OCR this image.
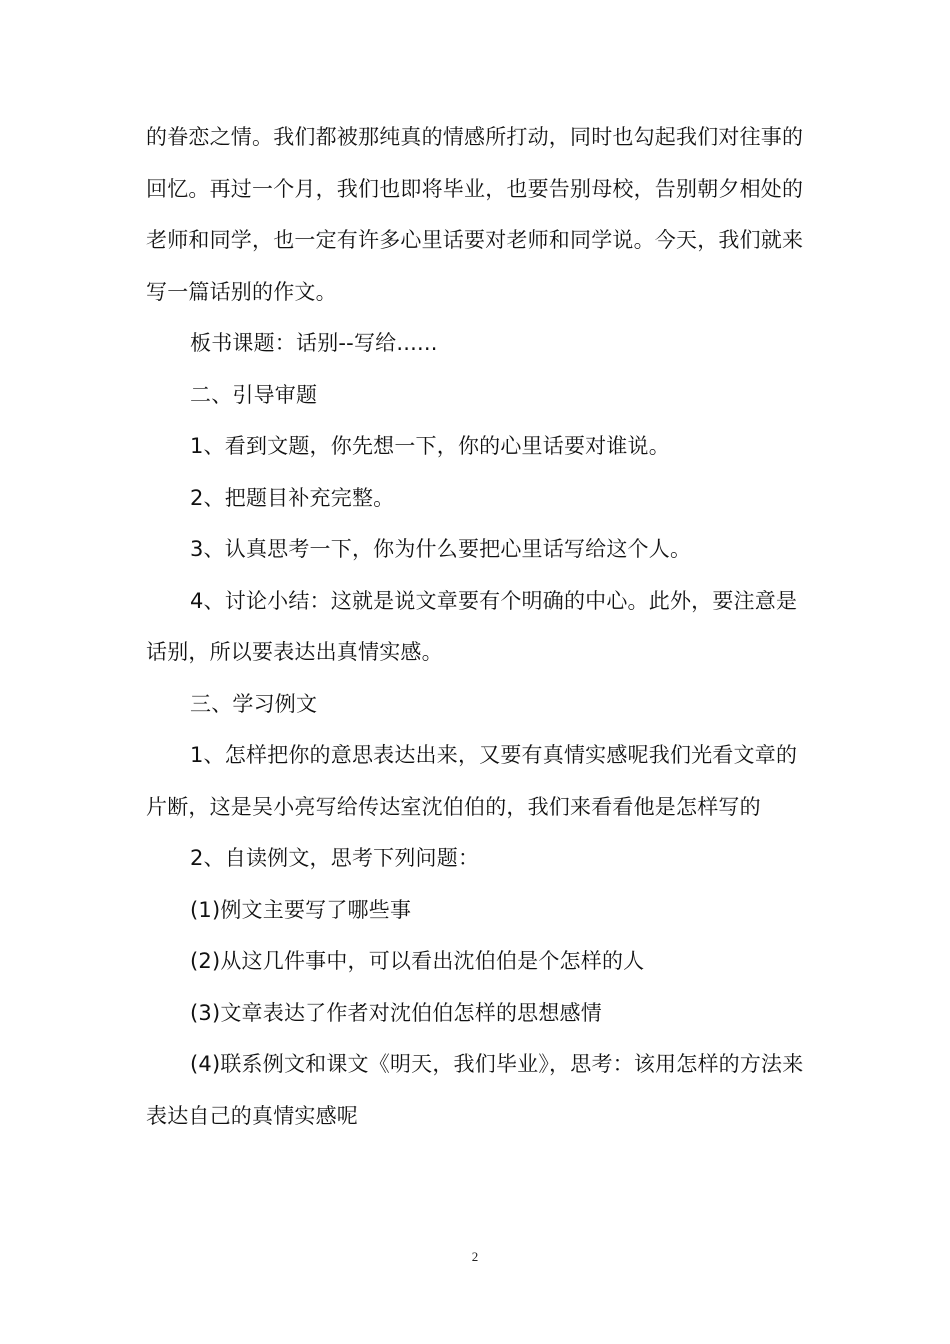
的眷恋之情。我们都被那纯真的情感所打动，同时也勾起我们对往事的回忆。再过一个月，我们也即将毕业，也要告别母校，告别朝夕相处的老师和同学，也一定有许多心里话要对老师和同学说。今天，我们就来写一篇话别的作文。

板书课题：话别--写给......

二、引导审题

1、看到文题，你先想一下，你的心里话要对谁说。

2、把题目补充完整。

3、认真思考一下，你为什么要把心里话写给这个人。

4、讨论小结：这就是说文章要有个明确的中心。此外，要注意是话别，所以要表达出真情实感。

三、学习例文

1、怎样把你的意思表达出来，又要有真情实感呢我们光看文章的片断，这是吴小亮写给传达室沈伯伯的，我们来看看他是怎样写的

2、自读例文，思考下列问题：

(1)例文主要写了哪些事

(2)从这几件事中，可以看出沈伯伯是个怎样的人

(3)文章表达了作者对沈伯伯怎样的思想感情

(4)联系例文和课文《明天，我们毕业》，思考：该用怎样的方法来表达自己的真情实感呢

2
